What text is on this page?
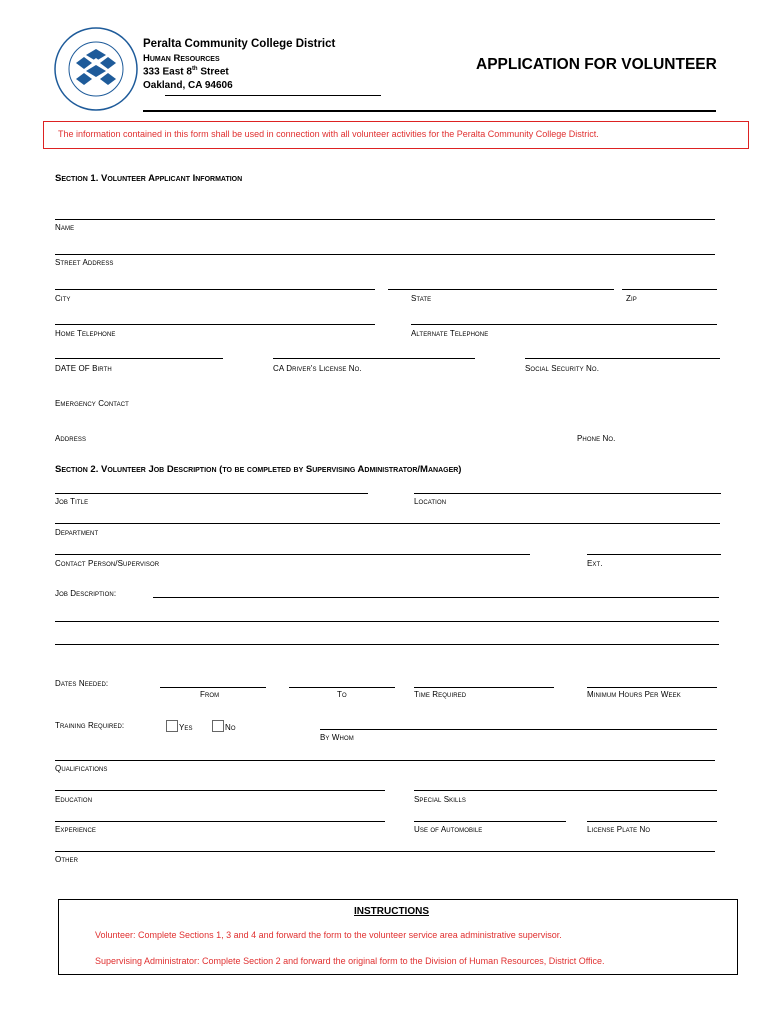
Peralta Community College District
Human Resources
333 East 8th Street
Oakland, CA 94606
APPLICATION FOR VOLUNTEER
The information contained in this form shall be used in connection with all volunteer activities for the Peralta Community College District.
Section 1. Volunteer Applicant Information
Name
Street Address
City	State	Zip
Home Telephone	Alternate Telephone
DATE OF Birth	CA Driver's License No.	Social Security No.
Emergency Contact
Address	Phone No.
Section 2. Volunteer Job Description (to be completed by Supervising Administrator/Manager)
Job Title	Location
Department
Contact Person/Supervisor	Ext.
Job Description:
Dates Needed:
From	To	Time Required	Minimum Hours Per Week
Training Required:	Yes	No
By Whom
Qualifications
Education	Special Skills
Experience	Use of Automobile	License Plate No
Other
INSTRUCTIONS
Volunteer: Complete Sections 1, 3 and 4 and forward the form to the volunteer service area administrative supervisor.
Supervising Administrator: Complete Section 2 and forward the original form to the Division of Human Resources, District Office.
